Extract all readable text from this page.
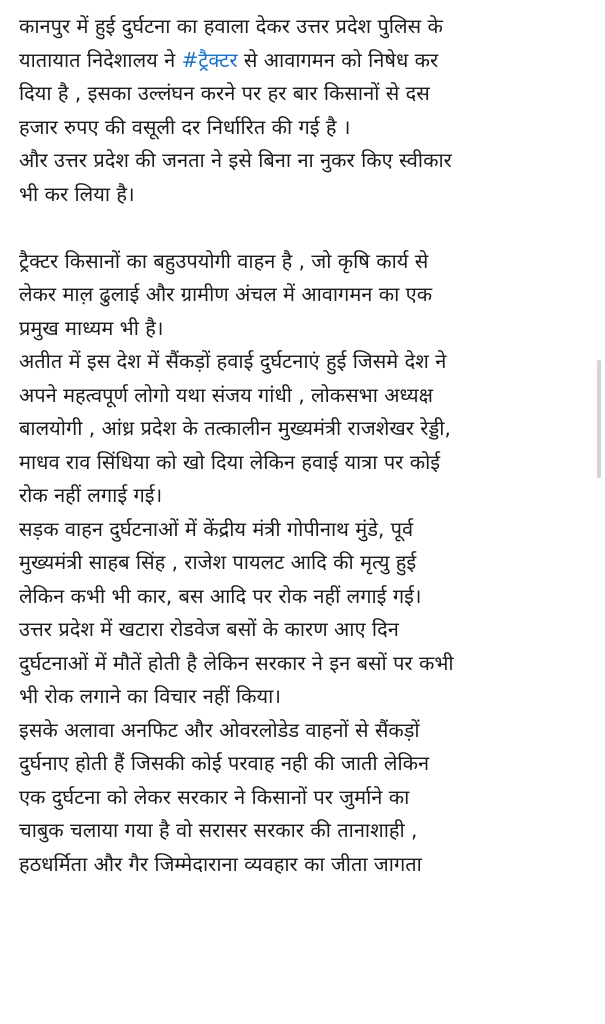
कानपुर में हुई दुर्घटना का हवाला देकर उत्तर प्रदेश पुलिस के
यातायात निदेशालय ने #ट्रैक्टर से आवागमन को निषेध कर
दिया है , इसका उल्लंघन करने पर हर बार किसानों से दस
हजार रुपए की वसूली दर निर्धारित की गई है ।
और उत्तर प्रदेश की जनता ने इसे बिना ना नुकर किए स्वीकार
भी कर लिया है।

ट्रैक्टर किसानों का बहुउपयोगी वाहन है , जो कृषि कार्य से
लेकर माल़ ढुलाई और ग्रामीण अंचल में आवागमन का एक
प्रमुख माध्यम भी है।
अतीत में इस देश में सैंकड़ों हवाई दुर्घटनाएं हुई जिसमे देश ने
अपने महत्वपूर्ण लोगो यथा संजय गांधी , लोकसभा अध्यक्ष
बालयोगी , आंध्र प्रदेश के तत्कालीन मुख्यमंत्री राजशेखर रेड्डी,
माधव राव सिंधिया को खो दिया लेकिन हवाई यात्रा पर कोई
रोक नहीं लगाई गई।
सड़क वाहन दुर्घटनाओं में केंद्रीय मंत्री गोपीनाथ मुंडे, पूर्व
मुख्यमंत्री साहब सिंह , राजेश पायलट आदि की मृत्यु हुई
लेकिन कभी भी कार, बस आदि पर रोक नहीं लगाई गई।
उत्तर प्रदेश में खटारा रोडवेज बसों के कारण आए दिन
दुर्घटनाओं में मौतें होती है लेकिन सरकार ने इन बसों पर कभी
भी रोक लगाने का विचार नहीं किया।
इसके अलावा अनफिट और ओवरलोडेड वाहनों से सैंकड़ों
दुर्घनाए होती हैं जिसकी कोई परवाह नही की जाती लेकिन
एक दुर्घटना को लेकर सरकार ने किसानों पर जुर्माने का
चाबुक चलाया गया है वो सरासर सरकार की तानाशाही ,
हठधर्मिता और गैर जिम्मेदाराना व्यवहार का जीता जागता
